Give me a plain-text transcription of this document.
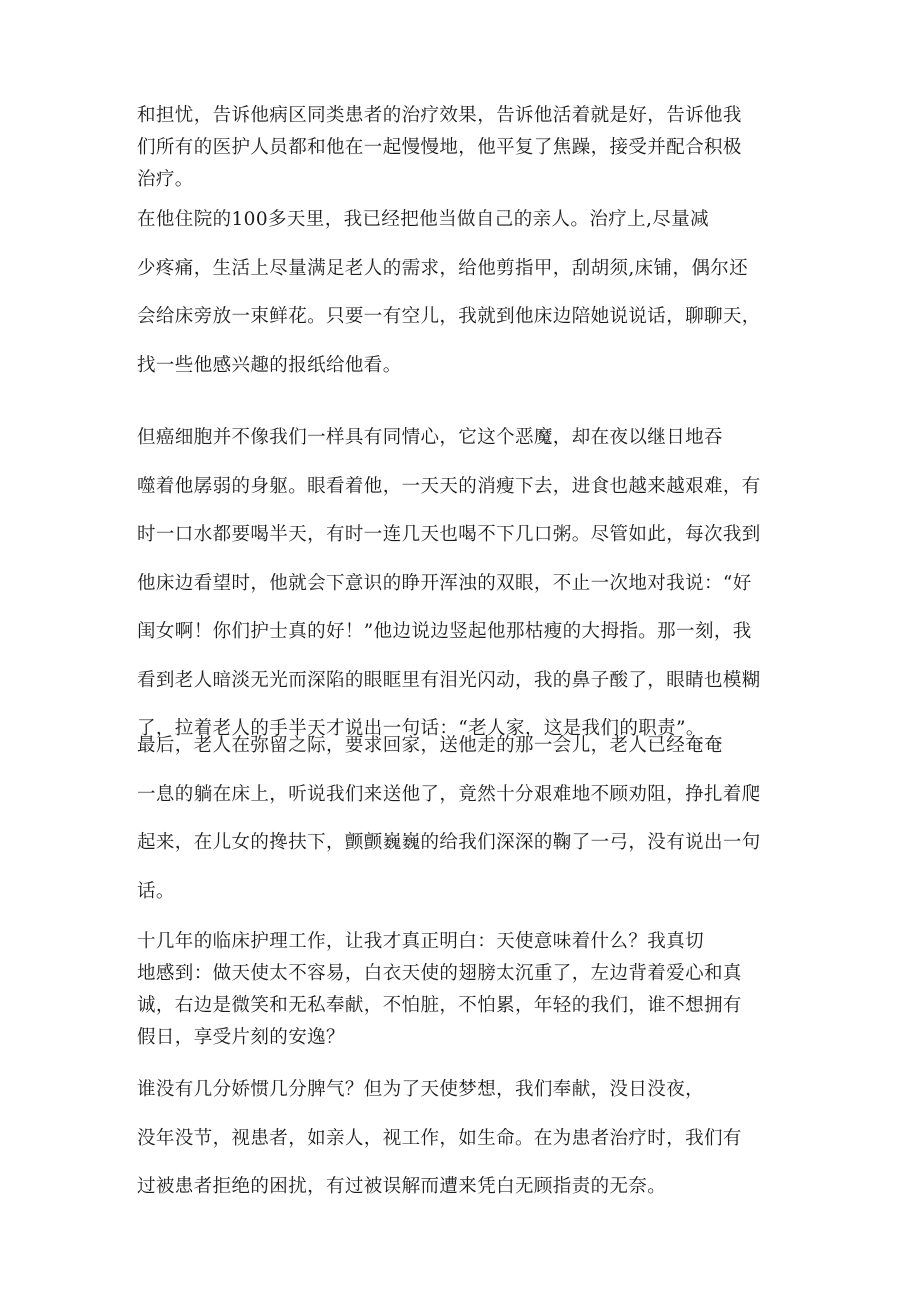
和担忧，告诉他病区同类患者的治疗效果，告诉他活着就是好，告诉他我
们所有的医护人员都和他在一起慢慢地，他平复了焦躁，接受并配合积极
治疗。

在他住院的100多天里，我已经把他当做自己的亲人。治疗上,尽量减
少疼痛，生活上尽量满足老人的需求，给他剪指甲，刮胡须,床铺，偶尔还
会给床旁放一束鲜花。只要一有空儿，我就到他床边陪她说说话，聊聊天，
找一些他感兴趣的报纸给他看。

但癌细胞并不像我们一样具有同情心，它这个恶魔，却在夜以继日地吞
噬着他孱弱的身躯。眼看着他，一天天的消瘦下去，进食也越来越艰难，有
时一口水都要喝半天，有时一连几天也喝不下几口粥。尽管如此，每次我到
他床边看望时，他就会下意识的睁开浑浊的双眼，不止一次地对我说：“好
闺女啊！你们护士真的好！”他边说边竖起他那枯瘦的大拇指。那一刻，我
看到老人暗淡无光而深陷的眼眶里有泪光闪动，我的鼻子酸了，眼睛也模糊
了，拉着老人的手半天才说出一句话：“老人家，这是我们的职责”。

最后，老人在弥留之际，要求回家，送他走的那一会儿，老人已经奄奄
一息的躺在床上，听说我们来送他了，竟然十分艰难地不顾劝阻，挣扎着爬
起来，在儿女的搀扶下，颤颤巍巍的给我们深深的鞠了一弓，没有说出一句
话。

十几年的临床护理工作，让我才真正明白：天使意味着什么？我真切
地感到：做天使太不容易，白衣天使的翅膀太沉重了，左边背着爱心和真
诚，右边是微笑和无私奉献，不怕脏，不怕累，年轻的我们，谁不想拥有
假日，享受片刻的安逸？

谁没有几分娇惯几分脾气？但为了天使梦想，我们奉献，没日没夜，
没年没节，视患者，如亲人，视工作，如生命。在为患者治疗时，我们有
过被患者拒绝的困扰，有过被误解而遭来凭白无顾指责的无奈。
